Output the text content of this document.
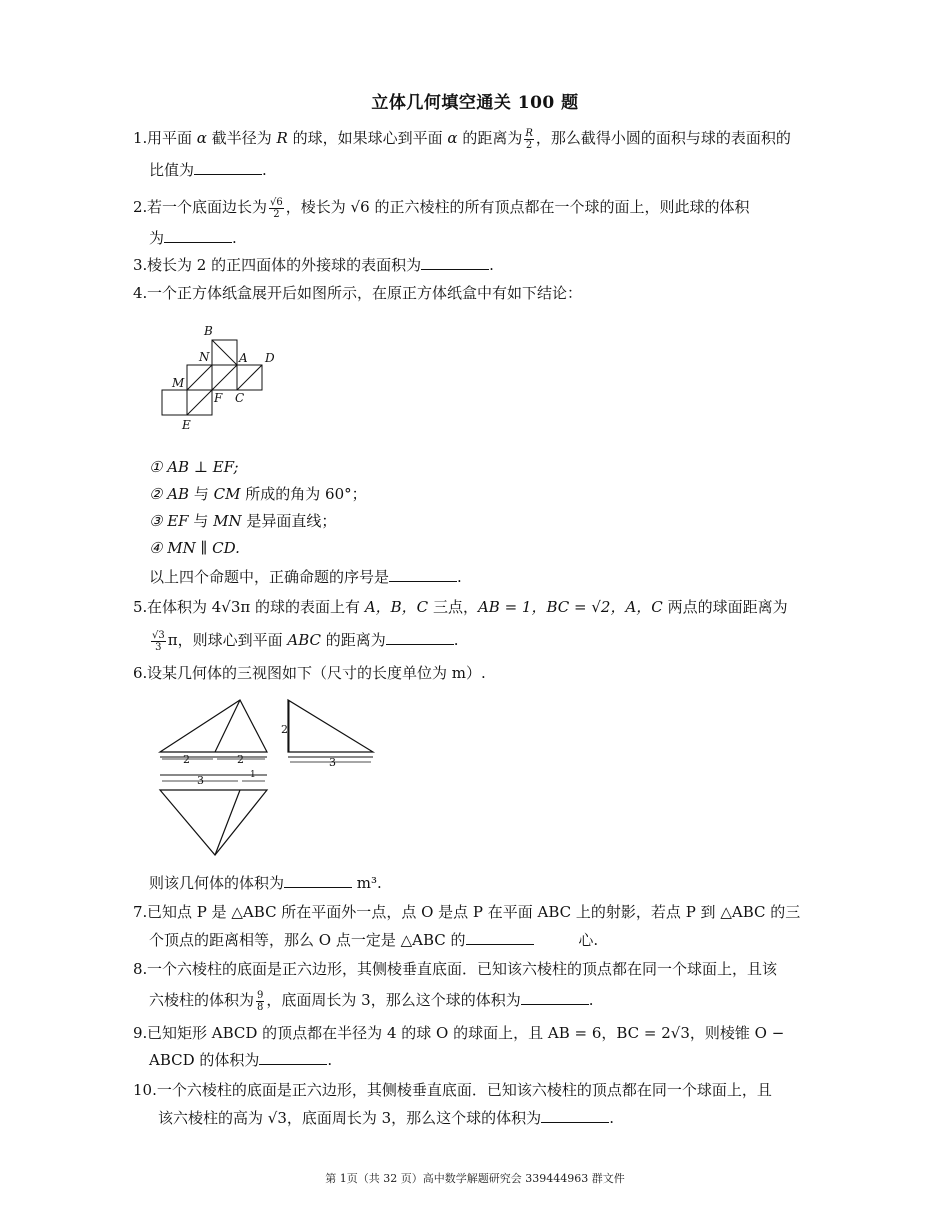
立体几何填空通关 100 题
1.用平面 α 截半径为 R 的球，如果球心到平面 α 的距离为 $\frac{R}{2}$ ，那么截得小圆的面积与球的表面积的
比值为	.
2.若一个底面边长为 $\frac{√6}{2}$ ，棱长为 √6 的正六棱柱的所有顶点都在一个球的面上，则此球的体积
为	.
3.棱长为 2 的正四面体的外接球的表面积为	.
4.一个正方体纸盒展开后如图所示，在原正方体纸盒中有如下结论：
B
N A D
M
F C
E
① AB ⊥ EF;
② AB 与 CM 所成的角为 60°；
③ EF 与 MN 是异面直线；
④ MN ∥ CD.
以上四个命题中，正确命题的序号是	.
5.在体积为 4√3π 的球的表面上有 A，B，C 三点，AB = 1，BC = √2，A，C 两点的球面距离为
$\frac{√3}{3}$ π，则球心到平面 ABC 的距离为	.
6.设某几何体的三视图如下（尺寸的长度单位为 m）.
2	2
3	1
2
3
则该几何体的体积为	m³.
7.已知点 P 是 △ABC 所在平面外一点，点 O 是点 P 在平面 ABC 上的射影，若点 P 到 △ABC 的三
个顶点的距离相等，那么 O 点一定是 △ABC 的	心.
8.一个六棱柱的底面是正六边形，其侧棱垂直底面．已知该六棱柱的顶点都在同一个球面上，且该
六棱柱的体积为 $\frac{9}{8}$ ，底面周长为 3，那么这个球的体积为	.
9.已知矩形 ABCD 的顶点都在半径为 4 的球 O 的球面上，且 AB = 6，BC = 2√3，则棱锥 O −
ABCD 的体积为	.
10.一个六棱柱的底面是正六边形，其侧棱垂直底面．已知该六棱柱的顶点都在同一个球面上，且
该六棱柱的高为 √3，底面周长为 3，那么这个球的体积为	.
第 1页（共 32 页）高中数学解题研究会 339444963 群文件
